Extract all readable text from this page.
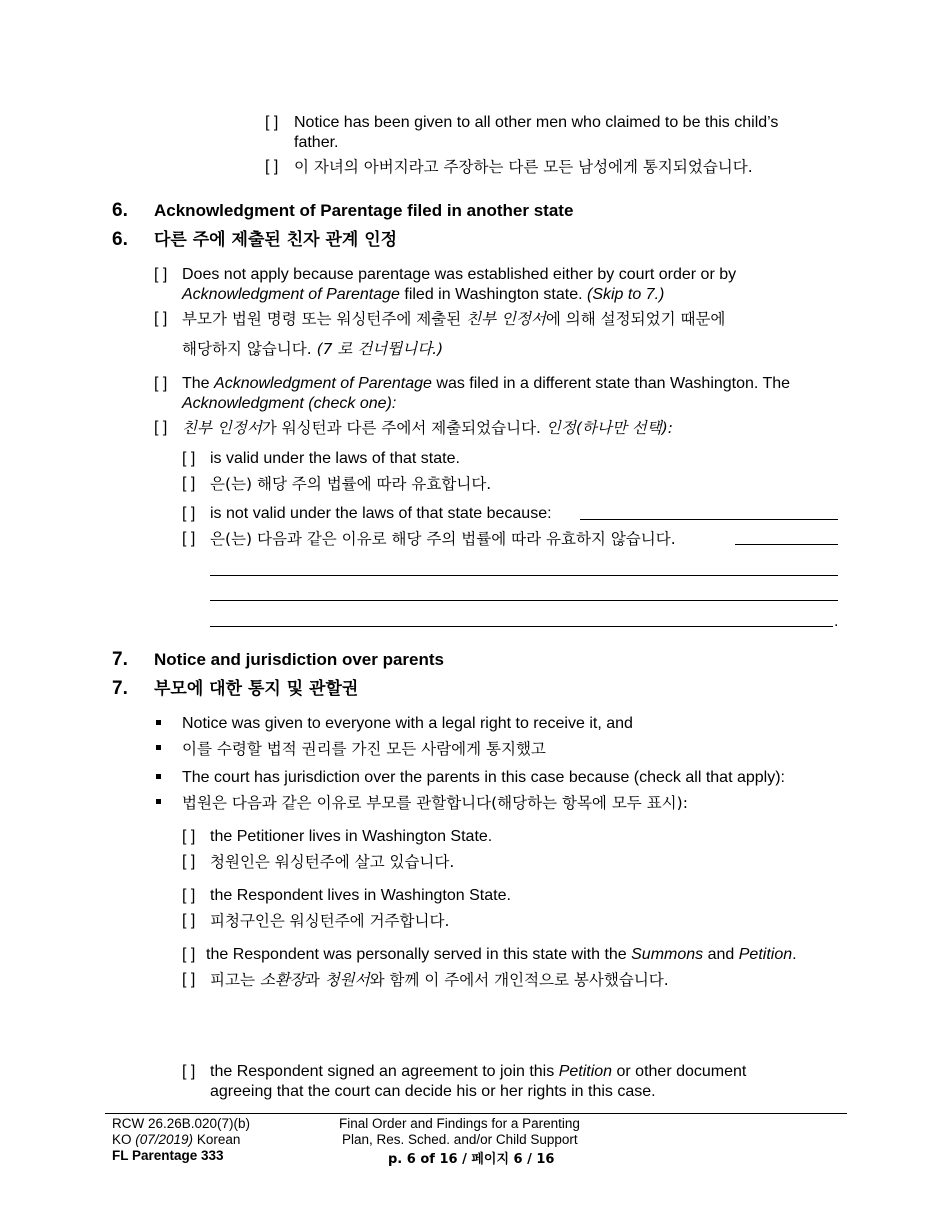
[ ] Notice has been given to all other men who claimed to be this child’s
father.
[ ] 이 자녀의 아버지라고 주장하는 다른 모든 남성에게 통지되었습니다.
6. Acknowledgment of Parentage filed in another state
6. 다른 주에 제출된 친자 관계 인정
[ ] Does not apply because parentage was established either by court order or by
Acknowledgment of Parentage filed in Washington state. (Skip to 7.)
[ ] 부모가 법원 명령 또는 워싱턴주에 제출된 친부 인정서에 의해 설정되었기 때문에
해당하지 않습니다. (7 로 건너뜁니다.)
[ ] The Acknowledgment of Parentage was filed in a different state than Washington. The
Acknowledgment (check one):
[ ] 친부 인정서가 워싱턴과 다른 주에서 제출되었습니다. 인정(하나만 선택):
[ ] is valid under the laws of that state.
[ ] 은(는) 해당 주의 법률에 따라 유효합니다.
[ ] is not valid under the laws of that state because:
[ ] 은(는) 다음과 같은 이유로 해당 주의 법률에 따라 유효하지 않습니다.
.
7. Notice and jurisdiction over parents
7. 부모에 대한 통지 및 관할권
Notice was given to everyone with a legal right to receive it, and
이를 수령할 법적 권리를 가진 모든 사람에게 통지했고
The court has jurisdiction over the parents in this case because (check all that apply):
법원은 다음과 같은 이유로 부모를 관할합니다(해당하는 항목에 모두 표시):
[ ] the Petitioner lives in Washington State.
[ ] 청원인은 워싱턴주에 살고 있습니다.
[ ] the Respondent lives in Washington State.
[ ] 피청구인은 워싱턴주에 거주합니다.
[ ] the Respondent was personally served in this state with the Summons and Petition.
[ ] 피고는 소환장과 청원서와 함께 이 주에서 개인적으로 봉사했습니다.
[ ] the Respondent signed an agreement to join this Petition or other document
agreeing that the court can decide his or her rights in this case.
RCW 26.26B.020(7)(b)
KO (07/2019) Korean
FL Parentage 333
Final Order and Findings for a Parenting
Plan, Res. Sched. and/or Child Support
p. 6 of 16 / 페이지 6 / 16
